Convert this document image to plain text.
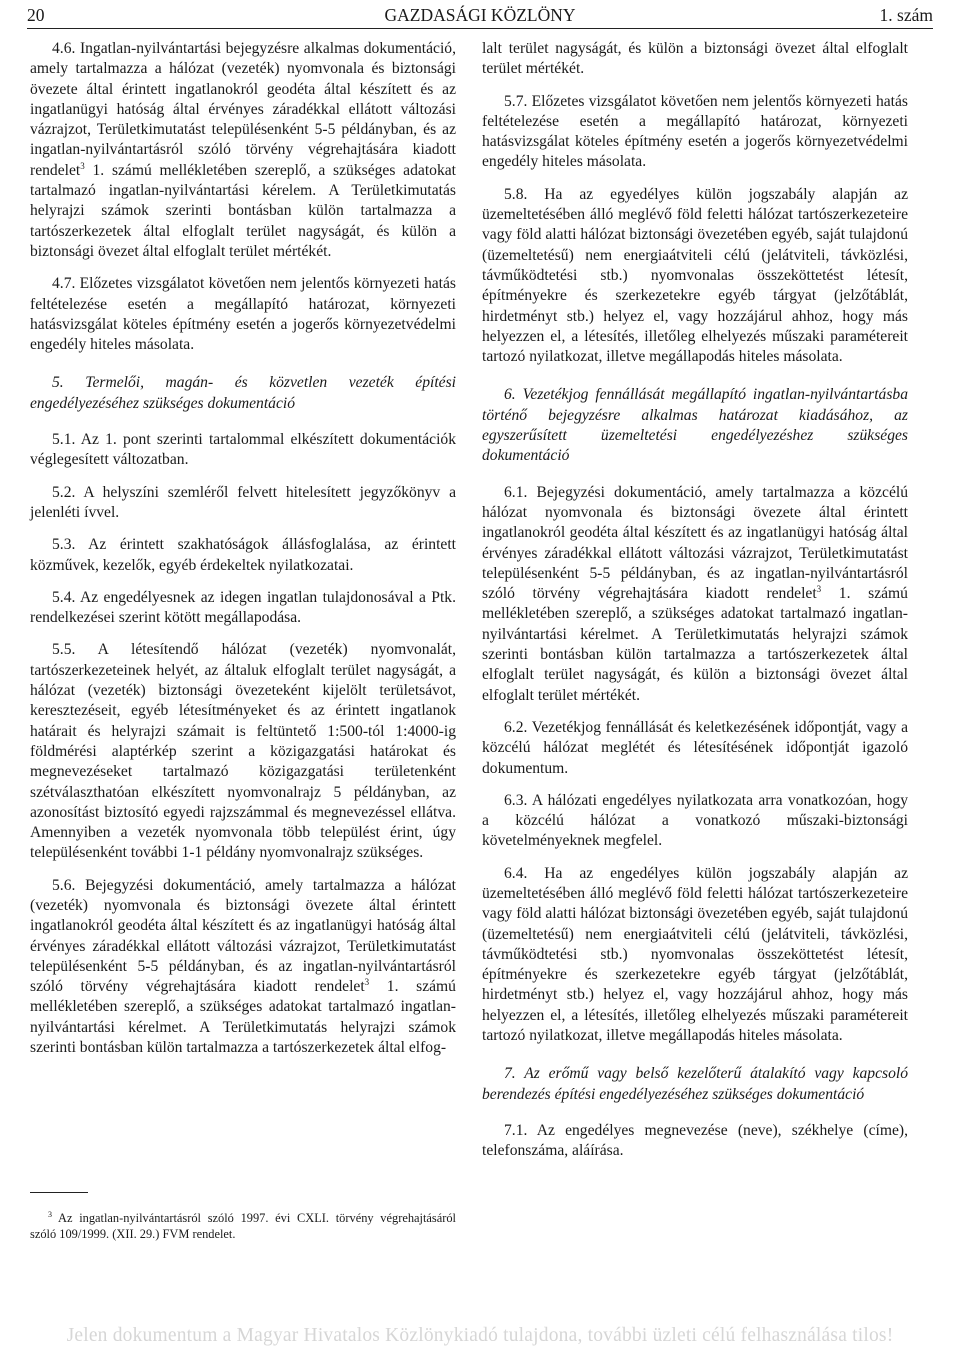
20	GAZDASÁGI KÖZLÖNY	1. szám

4.6. Ingatlan-nyilvántartási bejegyzésre alkalmas dokumentáció, amely tartalmazza a hálózat (vezeték) nyomvonala és biztonsági övezete által érintett ingatlanokról geodéta által készített és az ingatlanügyi hatóság által érvényes záradékkal ellátott változási vázrajzot, Területkimutatást településenként 5-5 példányban, és az ingatlan-nyilvántartásról szóló törvény végrehajtására kiadott rendelet$^3$ 1. számú mellékletében szereplő, a szükséges adatokat tartalmazó ingatlan-nyilvántartási kérelem. A Területkimutatás helyrajzi számok szerinti bontásban külön tartalmazza a tartószerkezetek által elfoglalt terület nagyságát, és külön a biztonsági övezet által elfoglalt terület mértékét.

4.7. Előzetes vizsgálatot követően nem jelentős környezeti hatás feltételezése esetén a megállapító határozat, környezeti hatásvizsgálat köteles építmény esetén a jogerős környezetvédelmi engedély hiteles másolata.

5. Termelői, magán- és közvetlen vezeték építési engedélyezéséhez szükséges dokumentáció

5.1. Az 1. pont szerinti tartalommal elkészített dokumentációk véglegesített változatban.

5.2. A helyszíni szemléről felvett hitelesített jegyzőkönyv a jelenléti ívvel.

5.3. Az érintett szakhatóságok állásfoglalása, az érintett közművek, kezelők, egyéb érdekeltek nyilatkozatai.

5.4. Az engedélyesnek az idegen ingatlan tulajdonosával a Ptk. rendelkezései szerint kötött megállapodása.

5.5. A létesítendő hálózat (vezeték) nyomvonalát, tartószerkezeteinek helyét, az általuk elfoglalt terület nagyságát, a hálózat (vezeték) biztonsági övezeteként kijelölt területsávot, keresztezéseit, egyéb létesítményeket és az érintett ingatlanok határait és helyrajzi számait is feltüntető 1:500-tól 1:4000-ig földmérési alaptérkép szerint a közigazgatási határokat és megnevezéseket tartalmazó közigazgatási területenként szétválaszthatóan elkészített nyomvonalrajz 5 példányban, az azonosítást biztosító egyedi rajzszámmal és megnevezéssel ellátva. Amennyiben a vezeték nyomvonala több települést érint, úgy településenként további 1-1 példány nyomvonalrajz szükséges.

5.6. Bejegyzési dokumentáció, amely tartalmazza a hálózat (vezeték) nyomvonala és biztonsági övezete által érintett ingatlanokról geodéta által készített és az ingatlanügyi hatóság által érvényes záradékkal ellátott változási vázrajzot, Területkimutatást településenként 5-5 példányban, és az ingatlan-nyilvántartásról szóló törvény végrehajtására kiadott rendelet$^3$ 1. számú mellékletében szereplő, a szükséges adatokat tartalmazó ingatlan-nyilvántartási kérelmet. A Területkimutatás helyrajzi számok szerinti bontásban külön tartalmazza a tartószerkezetek által elfog-

lalt terület nagyságát, és külön a biztonsági övezet által elfoglalt terület mértékét.

5.7. Előzetes vizsgálatot követően nem jelentős környezeti hatás feltételezése esetén a megállapító határozat, környezeti hatásvizsgálat köteles építmény esetén a jogerős környezetvédelmi engedély hiteles másolata.

5.8. Ha az egyedélyes külön jogszabály alapján az üzemeltetésében álló meglévő föld feletti hálózat tartószerkezeteire vagy föld alatti hálózat biztonsági övezetében egyéb, saját tulajdonú (üzemeltetésű) nem energiaátviteli célú (jelátviteli, távközlési, távműködtetési stb.) nyomvonalas összeköttetést létesít, építményekre és szerkezetekre egyéb tárgyat (jelzőtáblát, hirdetményt stb.) helyez el, vagy hozzájárul ahhoz, hogy más helyezzen el, a létesítés, illetőleg elhelyezés műszaki paramétereit tartozó nyilatkozat, illetve megállapodás hiteles másolata.

6. Vezetékjog fennállását megállapító ingatlan-nyilvántartásba történő bejegyzésre alkalmas határozat kiadásához, az egyszerűsített üzemeltetési engedélyezéshez szükséges dokumentáció

6.1. Bejegyzési dokumentáció, amely tartalmazza a közcélú hálózat nyomvonala és biztonsági övezete által érintett ingatlanokról geodéta által készített és az ingatlanügyi hatóság által érvényes záradékkal ellátott változási vázrajzot, Területkimutatást településenként 5-5 példányban, és az ingatlan-nyilvántartásról szóló törvény végrehajtására kiadott rendelet$^3$ 1. számú mellékletében szereplő, a szükséges adatokat tartalmazó ingatlan-nyilvántartási kérelmet. A Területkimutatás helyrajzi számok szerinti bontásban külön tartalmazza a tartószerkezetek által elfoglalt terület nagyságát, és külön a biztonsági övezet által elfoglalt terület mértékét.

6.2. Vezetékjog fennállását és keletkezésének időpontját, vagy a közcélú hálózat meglétét és létesítésének időpontját igazoló dokumentum.

6.3. A hálózati engedélyes nyilatkozata arra vonatkozóan, hogy a közcélú hálózat a vonatkozó műszaki-biztonsági követelményeknek megfelel.

6.4. Ha az engedélyes külön jogszabály alapján az üzemeltetésében álló meglévő föld feletti hálózat tartószerkezeteire vagy föld alatti hálózat biztonsági övezetében egyéb, saját tulajdonú (üzemeltetésű) nem energiaátviteli célú (jelátviteli, távközlési, távműködtetési stb.) nyomvonalas összeköttetést létesít, építményekre és szerkezetekre egyéb tárgyat (jelzőtáblát, hirdetményt stb.) helyez el, vagy hozzájárul ahhoz, hogy más helyezzen el, a létesítés, illetőleg elhelyezés műszaki paramétereit tartozó nyilatkozat, illetve megállapodás hiteles másolata.

7. Az erőmű vagy belső kezelőterű átalakító vagy kapcsoló berendezés építési engedélyezéséhez szükséges dokumentáció

7.1. Az engedélyes megnevezése (neve), székhelye (címe), telefonszáma, aláírása.

$^3$ Az ingatlan-nyilvántartásról szóló 1997. évi CXLI. törvény végrehajtásáról szóló 109/1999. (XII. 29.) FVM rendelet.
Jelen dokumentum a Magyar Hivatalos Közlönykiadó tulajdona, további üzleti célú felhasználása tilos!
